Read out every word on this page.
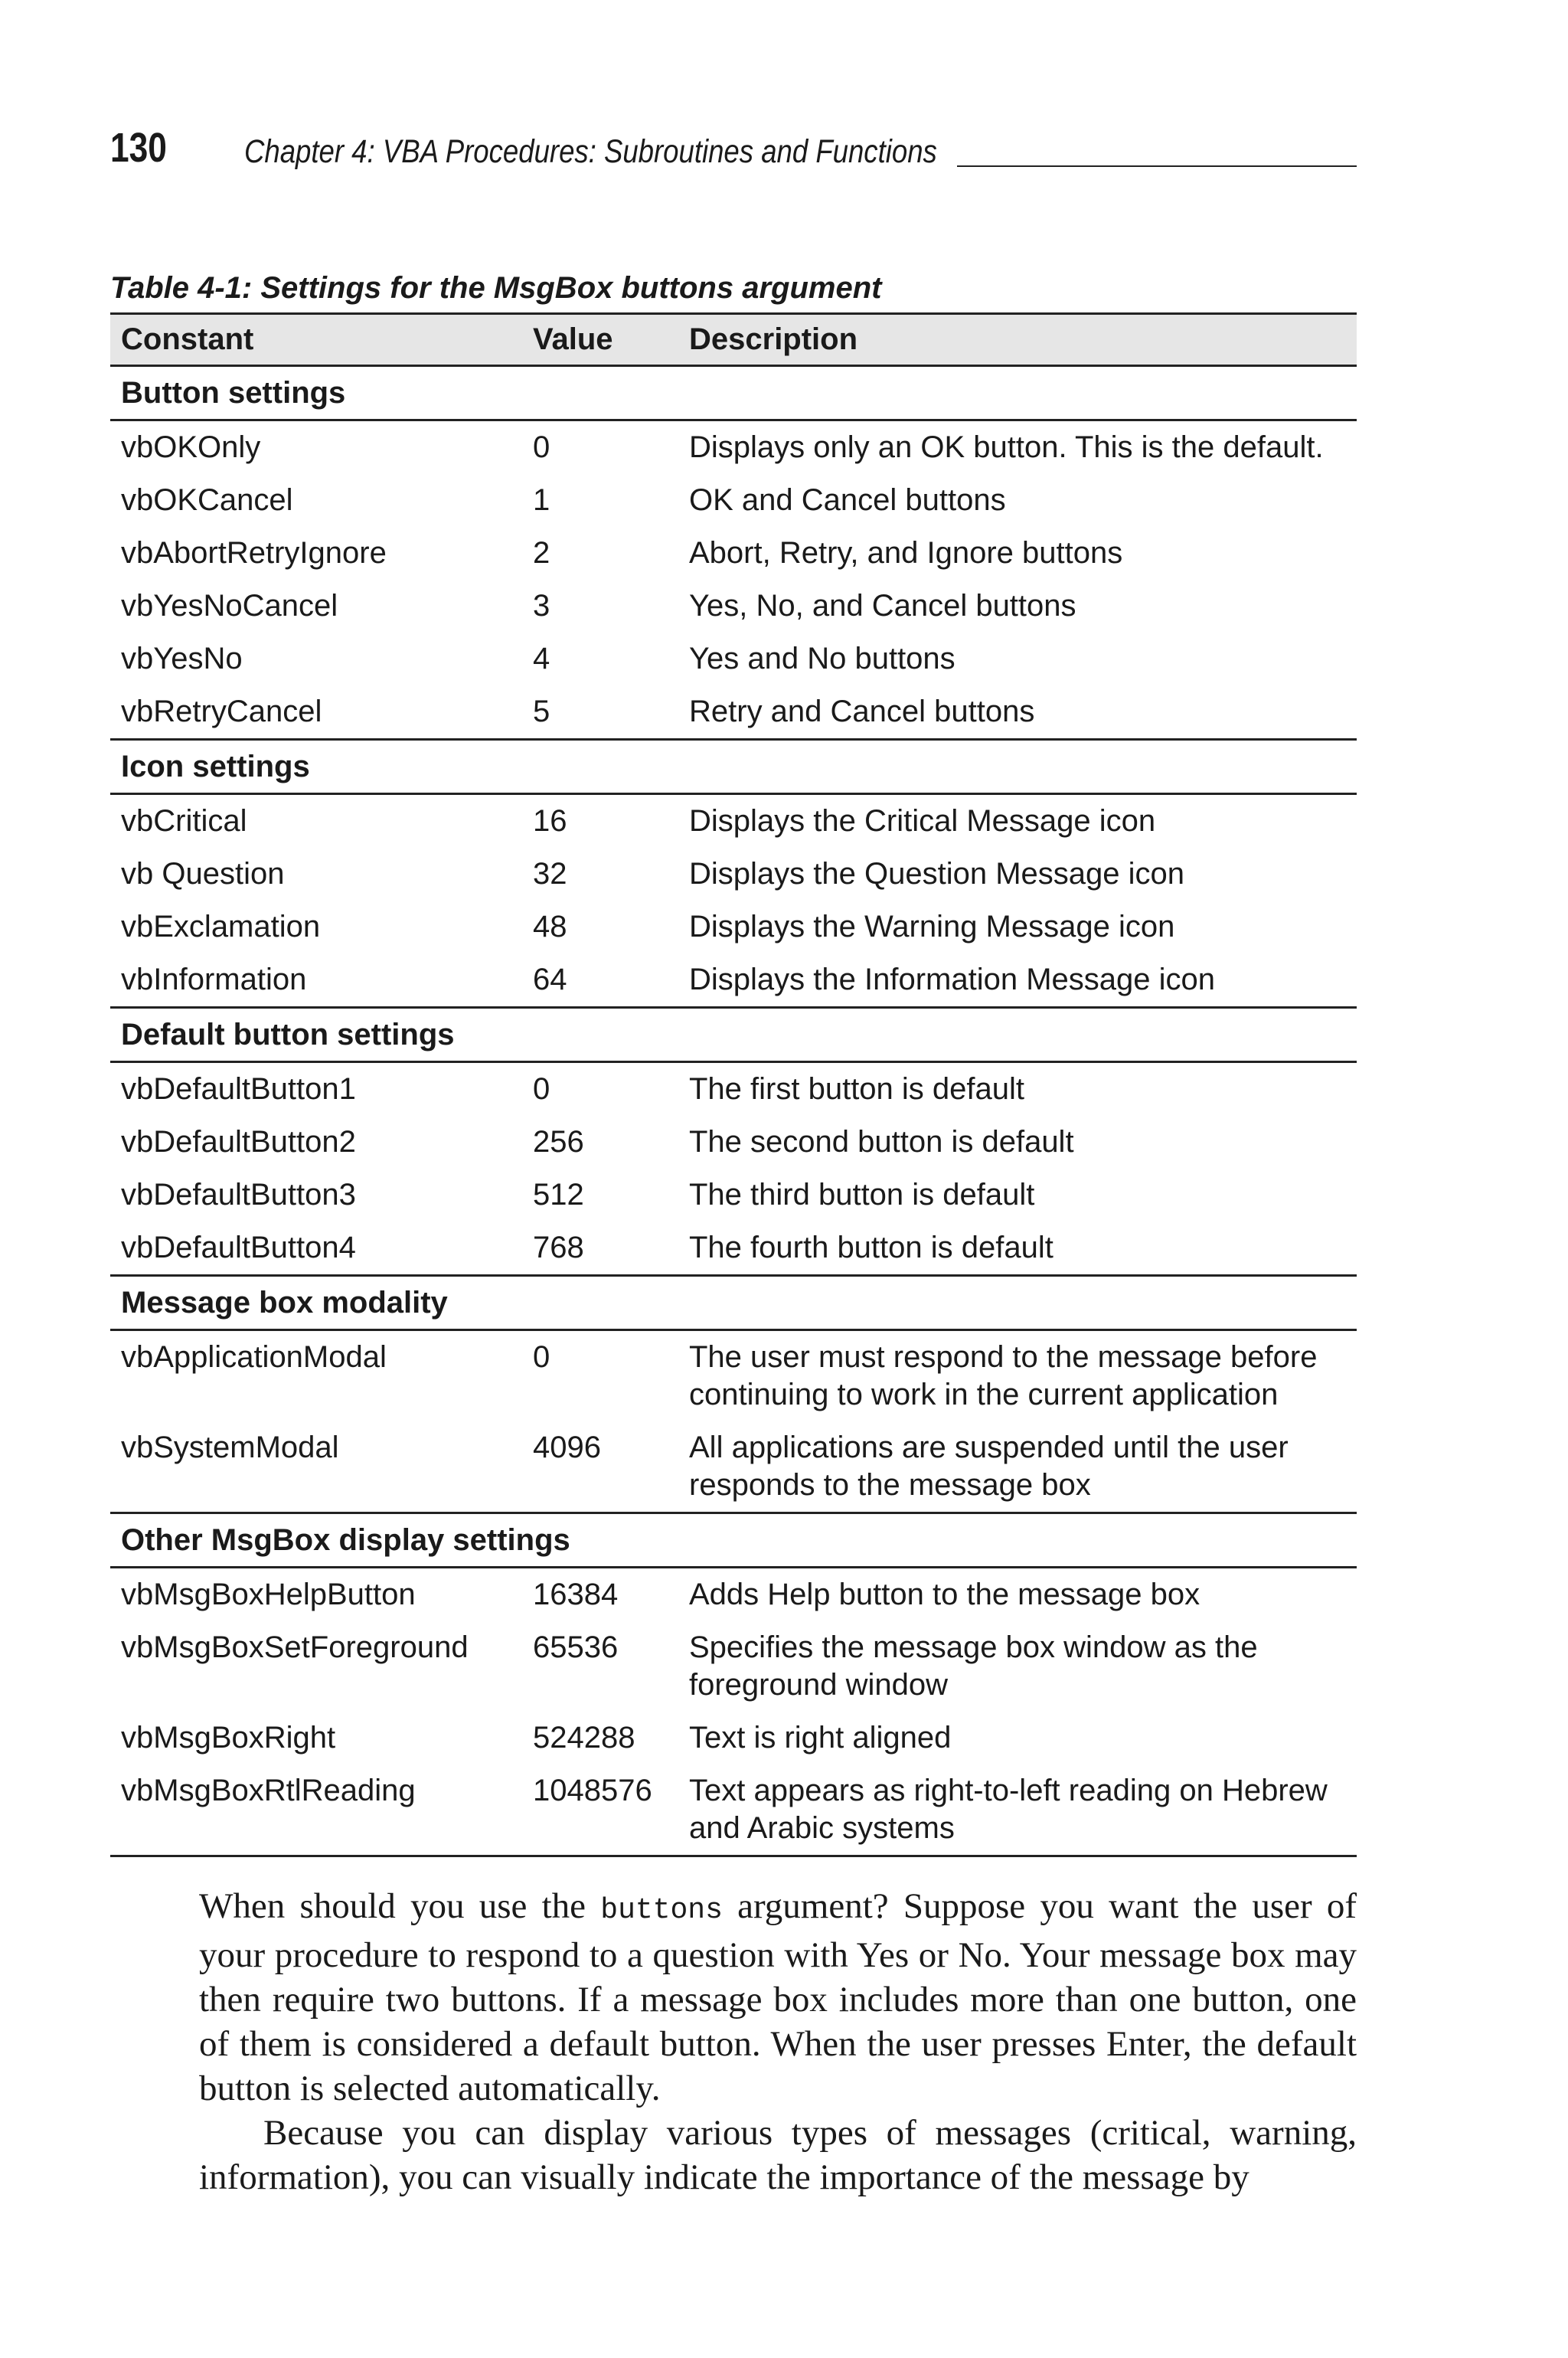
130 Chapter 4: VBA Procedures: Subroutines and Functions
Table 4-1: Settings for the MsgBox buttons argument
Constant	Value	Description
Button settings		
vbOKOnly	0	Displays only an OK button. This is the default.
vbOKCancel	1	OK and Cancel buttons
vbAbortRetryIgnore	2	Abort, Retry, and Ignore buttons
vbYesNoCancel	3	Yes, No, and Cancel buttons
vbYesNo	4	Yes and No buttons
vbRetryCancel	5	Retry and Cancel buttons
Icon settings		
vbCritical	16	Displays the Critical Message icon
vb Question	32	Displays the Question Message icon
vbExclamation	48	Displays the Warning Message icon
vbInformation	64	Displays the Information Message icon
Default button settings		
vbDefaultButton1	0	The first button is default
vbDefaultButton2	256	The second button is default
vbDefaultButton3	512	The third button is default
vbDefaultButton4	768	The fourth button is default
Message box modality		
vbApplicationModal	0	The user must respond to the message before continuing to work in the current application
vbSystemModal	4096	All applications are suspended until the user responds to the message box
Other MsgBox display settings		
vbMsgBoxHelpButton	16384	Adds Help button to the message box
vbMsgBoxSetForeground	65536	Specifies the message box window as the foreground window
vbMsgBoxRight	524288	Text is right aligned
vbMsgBoxRtlReading	1048576	Text appears as right-to-left reading on Hebrew and Arabic systems

When should you use the buttons argument? Suppose you want the user of your procedure to respond to a question with Yes or No. Your message box may then require two buttons. If a message box includes more than one button, one of them is considered a default button. When the user presses Enter, the default button is selected automatically.

Because you can display various types of messages (critical, warning, information), you can visually indicate the importance of the message by
